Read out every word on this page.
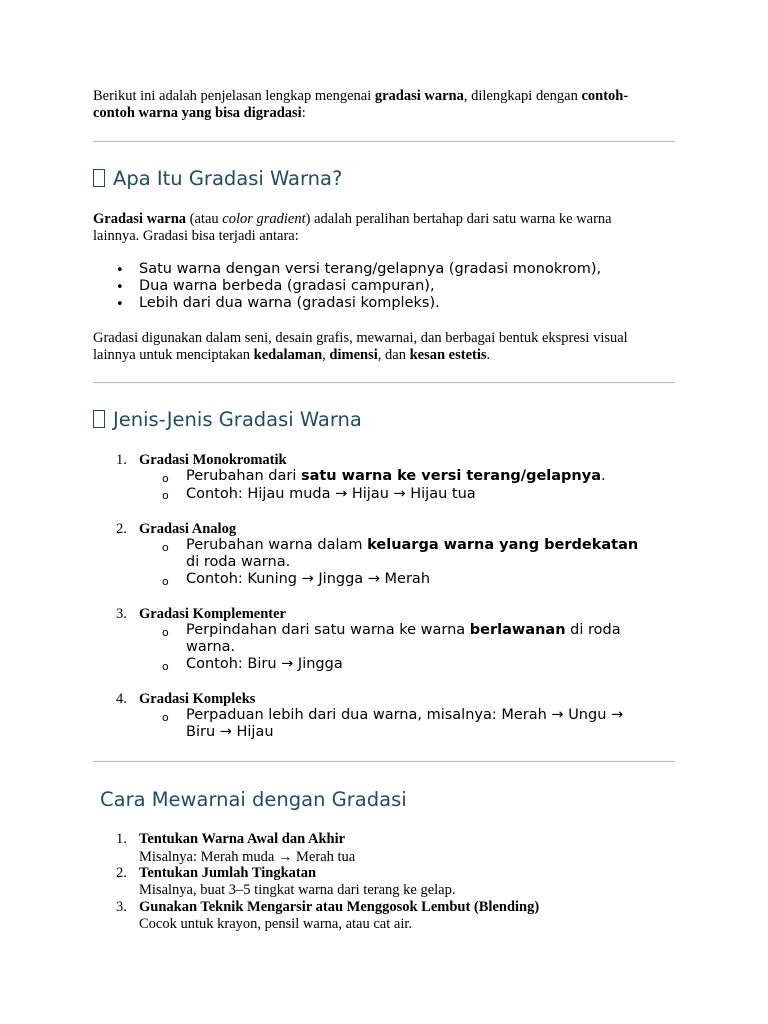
Berikut ini adalah penjelasan lengkap mengenai gradasi warna, dilengkapi dengan contoh-
contoh warna yang bisa digradasi:
Apa Itu Gradasi Warna?
Gradasi warna (atau color gradient) adalah peralihan bertahap dari satu warna ke warna
lainnya. Gradasi bisa terjadi antara:
• Satu warna dengan versi terang/gelapnya (gradasi monokrom),
• Dua warna berbeda (gradasi campuran),
• Lebih dari dua warna (gradasi kompleks).
Gradasi digunakan dalam seni, desain grafis, mewarnai, dan berbagai bentuk ekspresi visual
lainnya untuk menciptakan kedalaman, dimensi, dan kesan estetis.
Jenis-Jenis Gradasi Warna
1. Gradasi Monokromatik
o Perubahan dari satu warna ke versi terang/gelapnya.
o Contoh: Hijau muda → Hijau → Hijau tua
2. Gradasi Analog
o Perubahan warna dalam keluarga warna yang berdekatan
di roda warna.
o Contoh: Kuning → Jingga → Merah
3. Gradasi Komplementer
o Perpindahan dari satu warna ke warna berlawanan di roda
warna.
o Contoh: Biru → Jingga
4. Gradasi Kompleks
o Perpaduan lebih dari dua warna, misalnya: Merah → Ungu →
Biru → Hijau
Cara Mewarnai dengan Gradasi
1. Tentukan Warna Awal dan Akhir
Misalnya: Merah muda → Merah tua
2. Tentukan Jumlah Tingkatan
Misalnya, buat 3–5 tingkat warna dari terang ke gelap.
3. Gunakan Teknik Mengarsir atau Menggosok Lembut (Blending)
Cocok untuk krayon, pensil warna, atau cat air.
